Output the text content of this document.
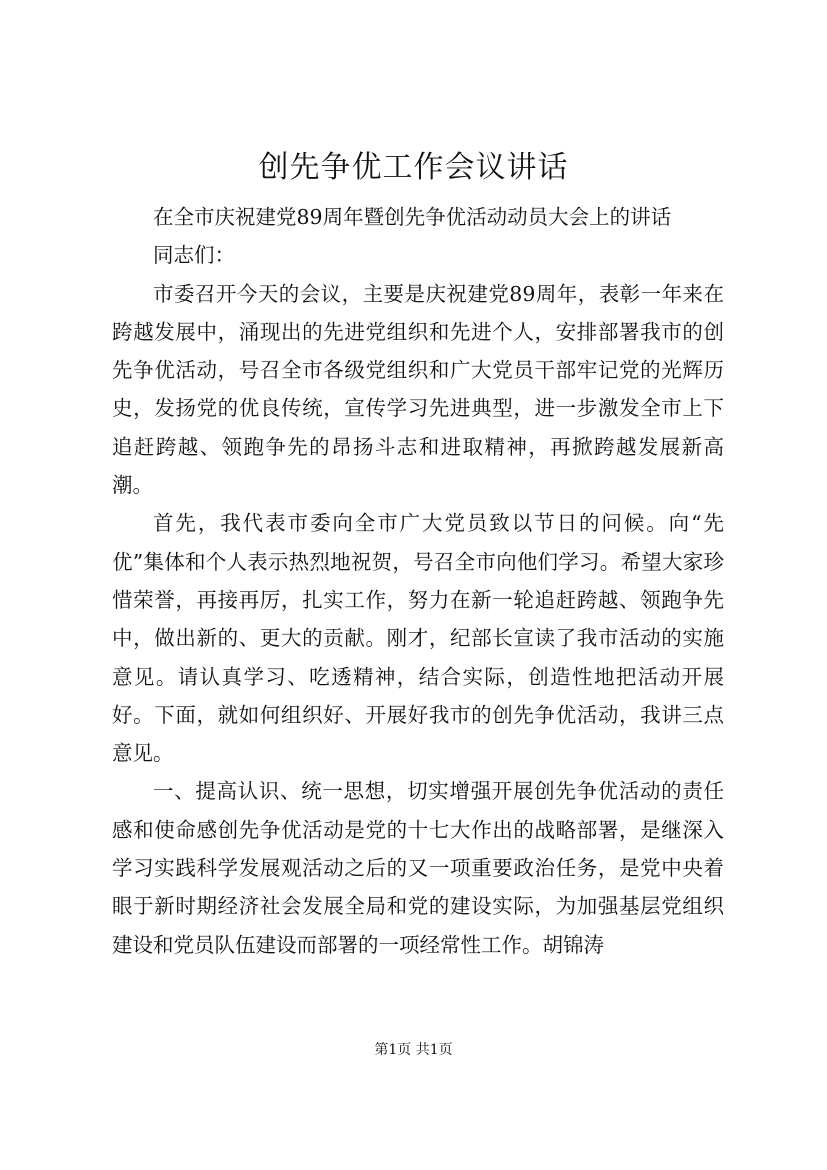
创先争优工作会议讲话

在全市庆祝建党89周年暨创先争优活动动员大会上的讲话

同志们：

市委召开今天的会议，主要是庆祝建党89周年，表彰一年来在跨越发展中，涌现出的先进党组织和先进个人，安排部署我市的创先争优活动，号召全市各级党组织和广大党员干部牢记党的光辉历史，发扬党的优良传统，宣传学习先进典型，进一步激发全市上下追赶跨越、领跑争先的昂扬斗志和进取精神，再掀跨越发展新高潮。

首先，我代表市委向全市广大党员致以节日的问候。向“先优”集体和个人表示热烈地祝贺，号召全市向他们学习。希望大家珍惜荣誉，再接再厉，扎实工作，努力在新一轮追赶跨越、领跑争先中，做出新的、更大的贡献。刚才，纪部长宣读了我市活动的实施意见。请认真学习、吃透精神，结合实际，创造性地把活动开展好。下面，就如何组织好、开展好我市的创先争优活动，我讲三点意见。

一、提高认识、统一思想，切实增强开展创先争优活动的责任感和使命感创先争优活动是党的十七大作出的战略部署，是继深入学习实践科学发展观活动之后的又一项重要政治任务，是党中央着眼于新时期经济社会发展全局和党的建设实际，为加强基层党组织建设和党员队伍建设而部署的一项经常性工作。胡锦涛

第1页 共1页
